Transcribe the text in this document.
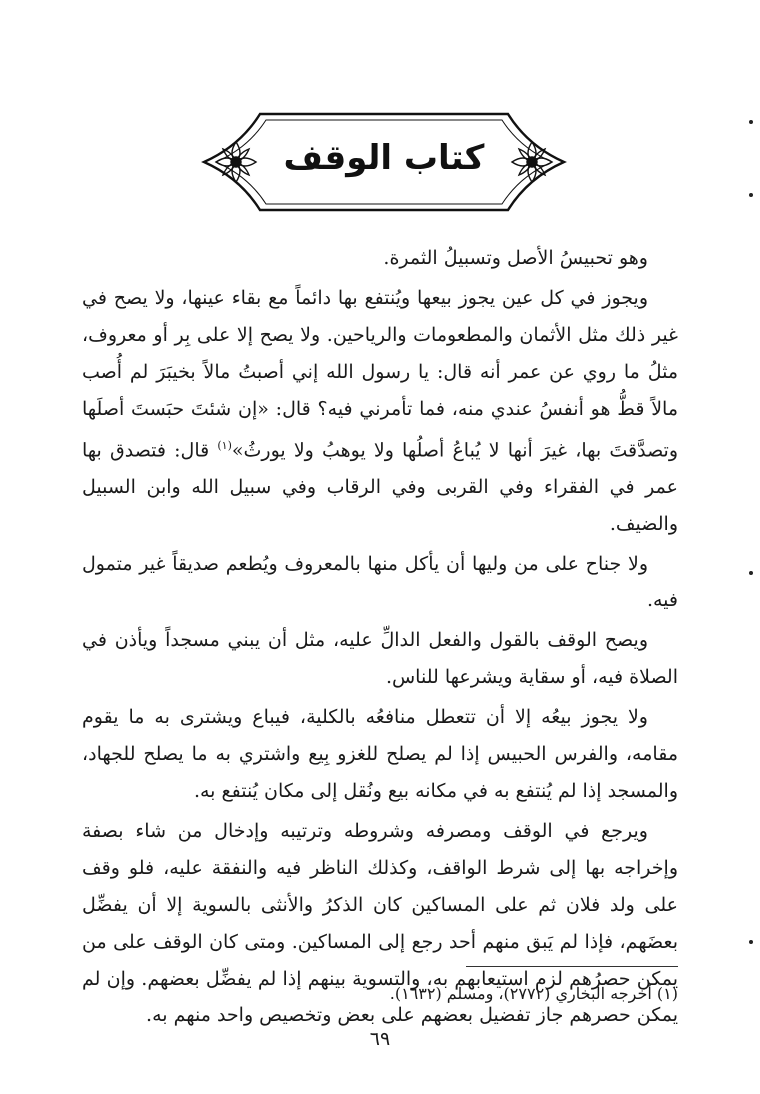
كتاب الوقف

وهو تحبيسُ الأصل وتسبيلُ الثمرة.

ويجوز في كل عين يجوز بيعها ويُنتفع بها دائماً مع بقاء عينها، ولا يصح في غير ذلك مثل الأثمان والمطعومات والرياحين. ولا يصح إلا على بِر أو معروف، مثلُ ما روي عن عمر أنه قال: يا رسول الله إني أصبتُ مالاً بخيبَرَ لم أُصب مالاً قطُّ هو أنفسُ عندي منه، فما تأمرني فيه؟ قال: «إن شئتَ حبَستَ أصلَها وتصدَّقتَ بها، غيرَ أنها لا يُباعُ أصلُها ولا يوهبُ ولا يورثُ»$^{(١)}$ قال: فتصدق بها عمر في الفقراء وفي القربى وفي الرقاب وفي سبيل الله وابن السبيل والضيف.

ولا جناح على من وليها أن يأكل منها بالمعروف ويُطعم صديقاً غير متمول فيه.

ويصح الوقف بالقول والفعل الدالِّ عليه، مثل أن يبني مسجداً ويأذن في الصلاة فيه، أو سقاية ويشرعها للناس.

ولا يجوز بيعُه إلا أن تتعطل منافعُه بالكلية، فيباع ويشترى به ما يقوم مقامه، والفرس الحبيس إذا لم يصلح للغزو بِيع واشتري به ما يصلح للجهاد، والمسجد إذا لم يُنتفع به في مكانه بيع ونُقل إلى مكان يُنتفع به.

ويرجع في الوقف ومصرفه وشروطه وترتيبه وإدخال من شاء بصفة وإخراجه بها إلى شرط الواقف، وكذلك الناظر فيه والنفقة عليه، فلو وقف على ولد فلان ثم على المساكين كان الذكرُ والأنثى بالسوية إلا أن يفضِّل بعضَهم، فإذا لم يَبق منهم أحد رجع إلى المساكين. ومتى كان الوقف على من يمكن حصرُهم لزم استيعابهم به، والتسوية بينهم إذا لم يفضِّل بعضهم. وإن لم يمكن حصرهم جاز تفضيل بعضهم على بعض وتخصيص واحد منهم به.

(١) أخرجه البخاري (٢٧٧٢)، ومسلم (١٦٣٢).
٦٩
